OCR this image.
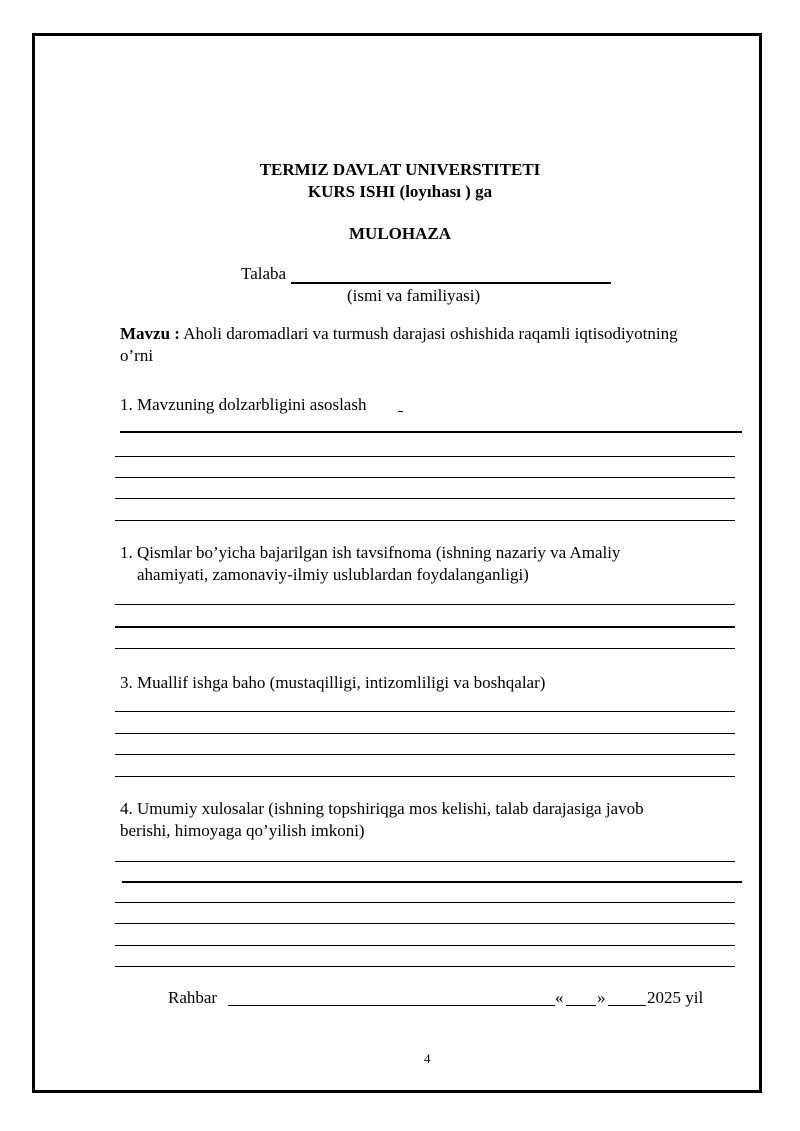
TERMIZ DAVLAT UNIVERSTITETI
KURS ISHI (loyıhası ) ga
MULOHAZA
Talaba
(ismi va familiyasi)
Mavzu : Aholi daromadlari va turmush darajasi oshishida raqamli iqtisodiyotning
o’rni
1. Mavzuning dolzarbligini asoslash
1. Qismlar bo’yicha bajarilgan ish tavsifnoma (ishning nazariy va Amaliy
ahamiyati, zamonaviy-ilmiy uslublardan foydalanganligi)
3. Muallif ishga baho (mustaqilligi, intizomliligi va boshqalar)
4. Umumiy xulosalar (ishning topshiriqga mos kelishi, talab darajasiga javob
berishi, himoyaga qo’yilish imkoni)
Rahbar	« » 2025 yil
4
